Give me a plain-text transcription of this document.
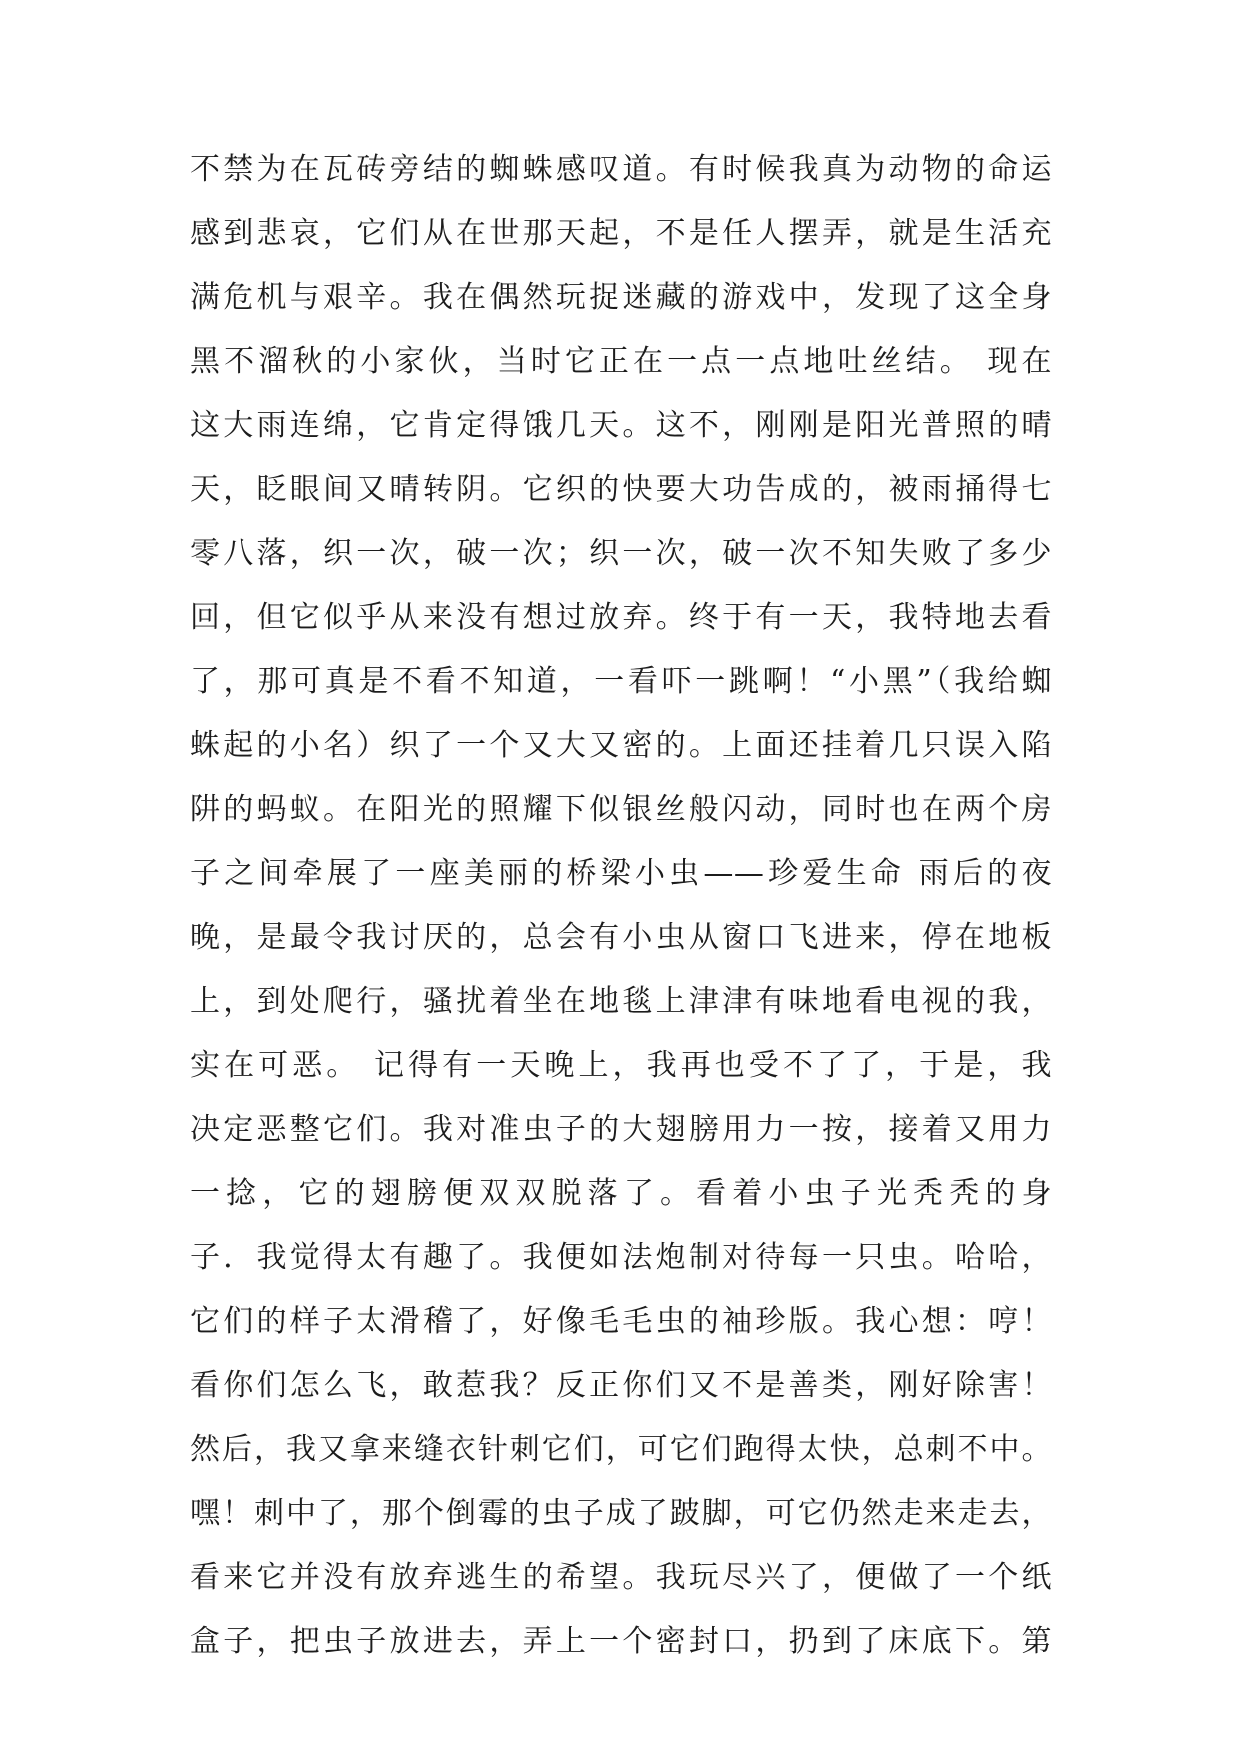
不禁为在瓦砖旁结的蜘蛛感叹道。有时候我真为动物的命运
感到悲哀，它们从在世那天起，不是任人摆弄，就是生活充
满危机与艰辛。我在偶然玩捉迷藏的游戏中，发现了这全身
黑不溜秋的小家伙，当时它正在一点一点地吐丝结。 现在
这大雨连绵，它肯定得饿几天。这不，刚刚是阳光普照的晴
天，眨眼间又晴转阴。它织的快要大功告成的，被雨捅得七
零八落，织一次，破一次；织一次，破一次不知失败了多少
回，但它似乎从来没有想过放弃。终于有一天，我特地去看
了，那可真是不看不知道，一看吓一跳啊！“小黑”（我给蜘
蛛起的小名）织了一个又大又密的。上面还挂着几只误入陷
阱的蚂蚁。在阳光的照耀下似银丝般闪动，同时也在两个房
子之间牵展了一座美丽的桥梁小虫——珍爱生命 雨后的夜
晚，是最令我讨厌的，总会有小虫从窗口飞进来，停在地板
上，到处爬行，骚扰着坐在地毯上津津有味地看电视的我，
实在可恶。 记得有一天晚上，我再也受不了了，于是，我
决定恶整它们。我对准虫子的大翅膀用力一按，接着又用力
一捻，它的翅膀便双双脱落了。看着小虫子光秃秃的身
子．我觉得太有趣了。我便如法炮制对待每一只虫。哈哈，
它们的样子太滑稽了，好像毛毛虫的袖珍版。我心想：哼！
看你们怎么飞，敢惹我？反正你们又不是善类，刚好除害！
然后，我又拿来缝衣针刺它们，可它们跑得太快，总刺不中。
嘿！刺中了，那个倒霉的虫子成了跛脚，可它仍然走来走去，
看来它并没有放弃逃生的希望。我玩尽兴了，便做了一个纸
盒子，把虫子放进去，弄上一个密封口，扔到了床底下。第
